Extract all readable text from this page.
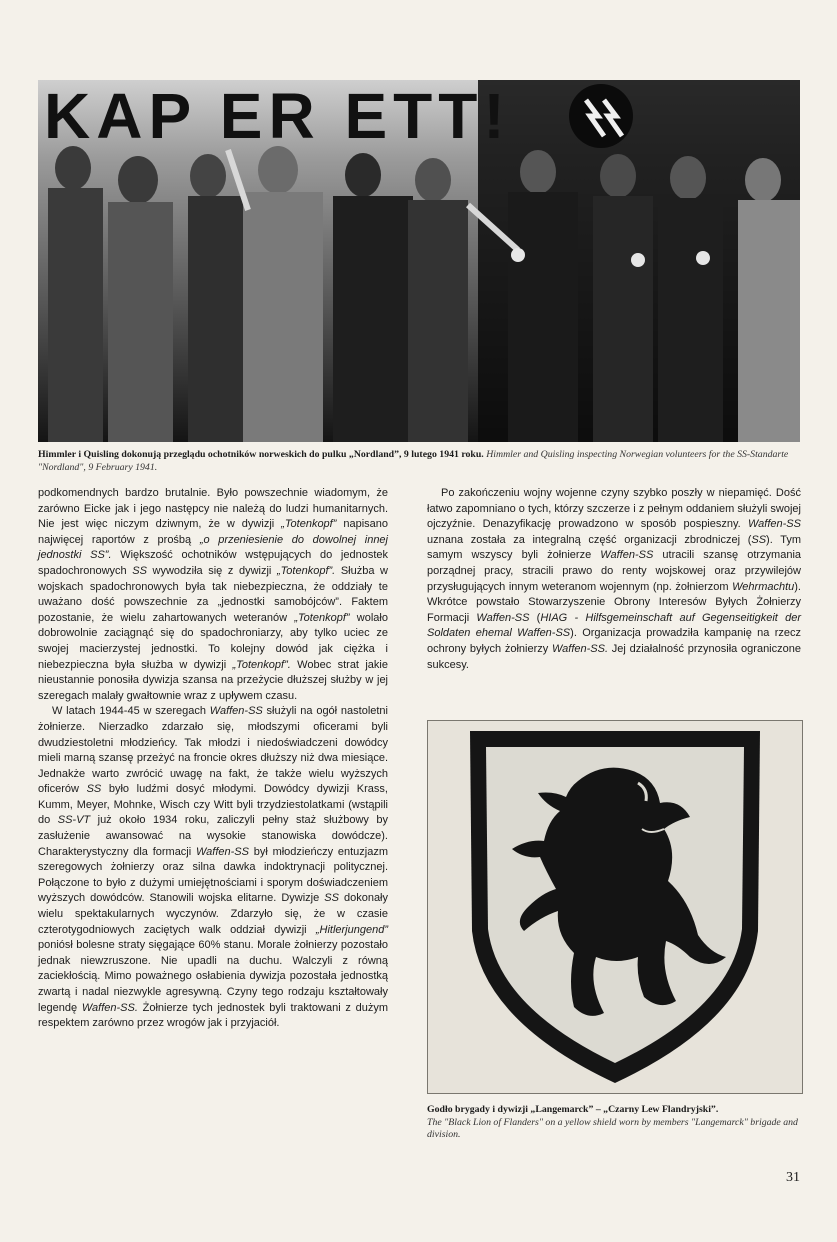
KAP ER ETT!
Himmler i Quisling dokonują przeglądu ochotników norweskich do pulku „Nordland”, 9 lutego 1941 roku. Himmler and Quisling inspecting Norwegian volunteers for the SS-Standarte "Nordland", 9 February 1941.

podkomendnych bardzo brutalnie. Było powszechnie wiadomym, że zarówno Eicke jak i jego następcy nie należą do ludzi humanitarnych. Nie jest więc niczym dziwnym, że w dywizji „Totenkopf” napisano najwięcej raportów z prośbą „o przeniesienie do dowolnej innej jednostki SS”. Większość ochotników wstępujących do jednostek spadochronowych SS wywodziła się z dywizji „Totenkopf”. Służba w wojskach spadochronowych była tak niebezpieczna, że oddziały te uważano dość powszechnie za „jednostki samobójców”. Faktem pozostanie, że wielu zahartowanych weteranów „Totenkopf” wolało dobrowolnie zaciągnąć się do spadochroniarzy, aby tylko uciec ze swojej macierzystej jednostki. To kolejny dowód jak ciężka i niebezpieczna była służba w dywizji „Totenkopf”. Wobec strat jakie nieustannie ponosiła dywizja szansa na przeżycie dłuższej służby w jej szeregach malały gwałtownie wraz z upływem czasu.

W latach 1944-45 w szeregach Waffen-SS służyli na ogół nastoletni żołnierze. Nierzadko zdarzało się, młodszymi oficerami byli dwudziestoletni młodzieńcy. Tak młodzi i niedoświadczeni dowódcy mieli marną szansę przeżyć na froncie okres dłuższy niż dwa miesiące. Jednakże warto zwrócić uwagę na fakt, że także wielu wyższych oficerów SS było ludźmi dosyć młodymi. Dowódcy dywizji Krass, Kumm, Meyer, Mohnke, Wisch czy Witt byli trzydziestolatkami (wstąpili do SS-VT już około 1934 roku, zaliczyli pełny staż służbowy by zasłużenie awansować na wysokie stanowiska dowódcze). Charakterystyczny dla formacji Waffen-SS był młodzieńczy entuzjazm szeregowych żołnierzy oraz silna dawka indoktrynacji politycznej. Połączone to było z dużymi umiejętnościami i sporym doświadczeniem wyższych dowódców. Stanowili wojska elitarne. Dywizje SS dokonały wielu spektakularnych wyczynów. Zdarzyło się, że w czasie czterotygodniowych zaciętych walk oddział dywizji „Hitlerjungend” poniósł bolesne straty sięgające 60% stanu. Morale żołnierzy pozostało jednak niewzruszone. Nie upadli na duchu. Walczyli z równą zaciekłością. Mimo poważnego osłabienia dywizja pozostała jednostką zwartą i nadal niezwykle agresywną. Czyny tego rodzaju kształtowały legendę Waffen-SS. Żołnierze tych jednostek byli traktowani z dużym respektem zarówno przez wrogów jak i przyjaciół.

Po zakończeniu wojny wojenne czyny szybko poszły w niepamięć. Dość łatwo zapomniano o tych, którzy szczerze i z pełnym oddaniem służyli swojej ojczyźnie. Denazyfikację prowadzono w sposób pospieszny. Waffen-SS uznana została za integralną część organizacji zbrodniczej (SS). Tym samym wszyscy byli żołnierze Waffen-SS utracili szansę otrzymania porządnej pracy, stracili prawo do renty wojskowej oraz przywilejów przysługujących innym weteranom wojennym (np. żołnierzom Wehrmachtu). Wkrótce powstało Stowarzyszenie Obrony Interesów Byłych Żołnierzy Formacji Waffen-SS (HIAG - Hilfsgemeinschaft auf Gegenseitigkeit der Soldaten ehemal Waffen-SS). Organizacja prowadziła kampanię na rzecz ochrony byłych żołnierzy Waffen-SS. Jej działalność przynosiła ograniczone sukcesy.

Godło brygady i dywizji „Langemarck” – „Czarny Lew Flandryjski”.
The "Black Lion of Flanders" on a yellow shield worn by members "Langemarck" brigade and division.
31
